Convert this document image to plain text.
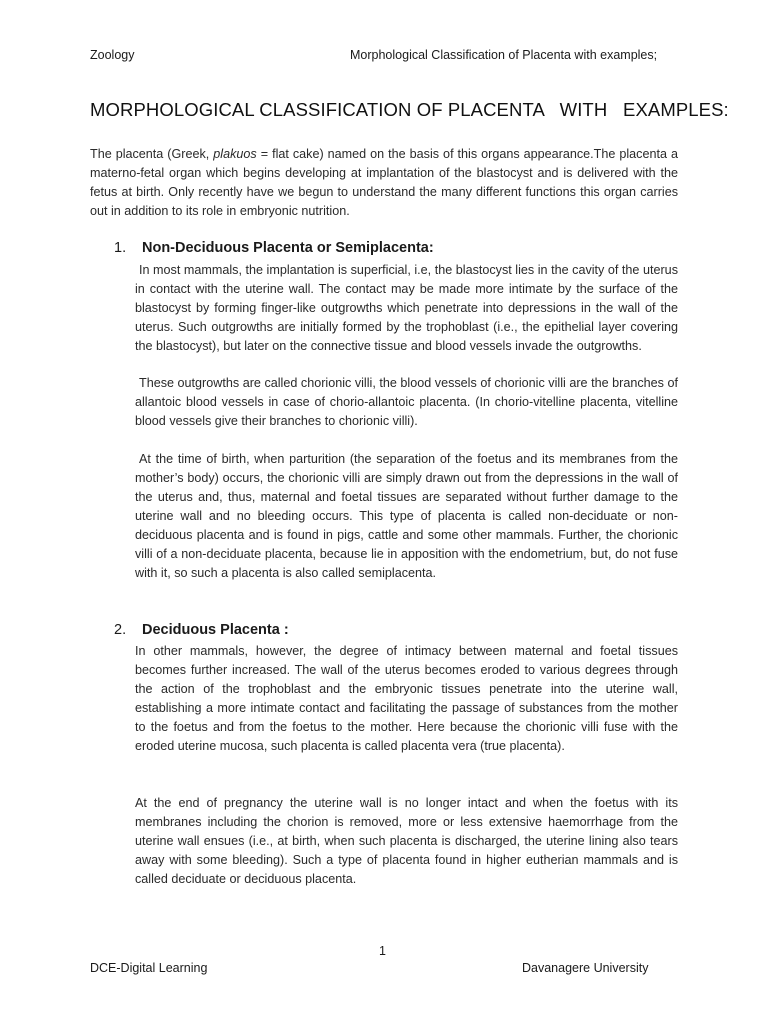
Zoology	Morphological Classification of Placenta with examples;
MORPHOLOGICAL CLASSIFICATION OF PLACENTA   WITH   EXAMPLES:

The placenta (Greek, plakuos = flat cake) named on the basis of this organs appearance.The placenta a materno-fetal organ which begins developing at implantation of the blastocyst and is delivered with the fetus at birth. Only recently have we begun to understand the many different functions this organ carries out in addition to its role in embryonic nutrition.

1. Non-Deciduous Placenta or Semiplacenta:

In most mammals, the implantation is superficial, i.e, the blastocyst lies in the cavity of the uterus in contact with the uterine wall. The contact may be made more intimate by the surface of the blastocyst by forming finger-like outgrowths which penetrate into depressions in the wall of the uterus. Such outgrowths are initially formed by the trophoblast (i.e., the epithelial layer covering the blastocyst), but later on the connective tissue and blood vessels invade the outgrowths.

These outgrowths are called chorionic villi, the blood vessels of chorionic villi are the branches of allantoic blood vessels in case of chorio-allantoic placenta. (In chorio-vitelline placenta, vitelline blood vessels give their branches to chorionic villi).

At the time of birth, when parturition (the separation of the foetus and its membranes from the mother’s body) occurs, the chorionic villi are simply drawn out from the depressions in the wall of the uterus and, thus, maternal and foetal tissues are separated without further damage to the uterine wall and no bleeding occurs. This type of placenta is called non-deciduate or non- deciduous placenta and is found in pigs, cattle and some other mammals. Further, the chorionic villi of a non-deciduate placenta, because lie in apposition with the endometrium, but, do not fuse with it, so such a placenta is also called semiplacenta.

2. Deciduous Placenta :

In other mammals, however, the degree of intimacy between maternal and foetal tissues becomes further increased. The wall of the uterus becomes eroded to various degrees through the action of the trophoblast and the embryonic tissues penetrate into the uterine wall, establishing a more intimate contact and facilitating the passage of substances from the mother to the foetus and from the foetus to the mother. Here because the chorionic villi fuse with the eroded uterine mucosa, such placenta is called placenta vera (true placenta).

At the end of pregnancy the uterine wall is no longer intact and when the foetus with its membranes including the chorion is removed, more or less extensive haemorrhage from the uterine wall ensues (i.e., at birth, when such placenta is discharged, the uterine lining also tears away with some bleeding). Such a type of placenta found in higher eutherian mammals and is called deciduate or deciduous placenta.

1
DCE-Digital Learning	Davanagere University
